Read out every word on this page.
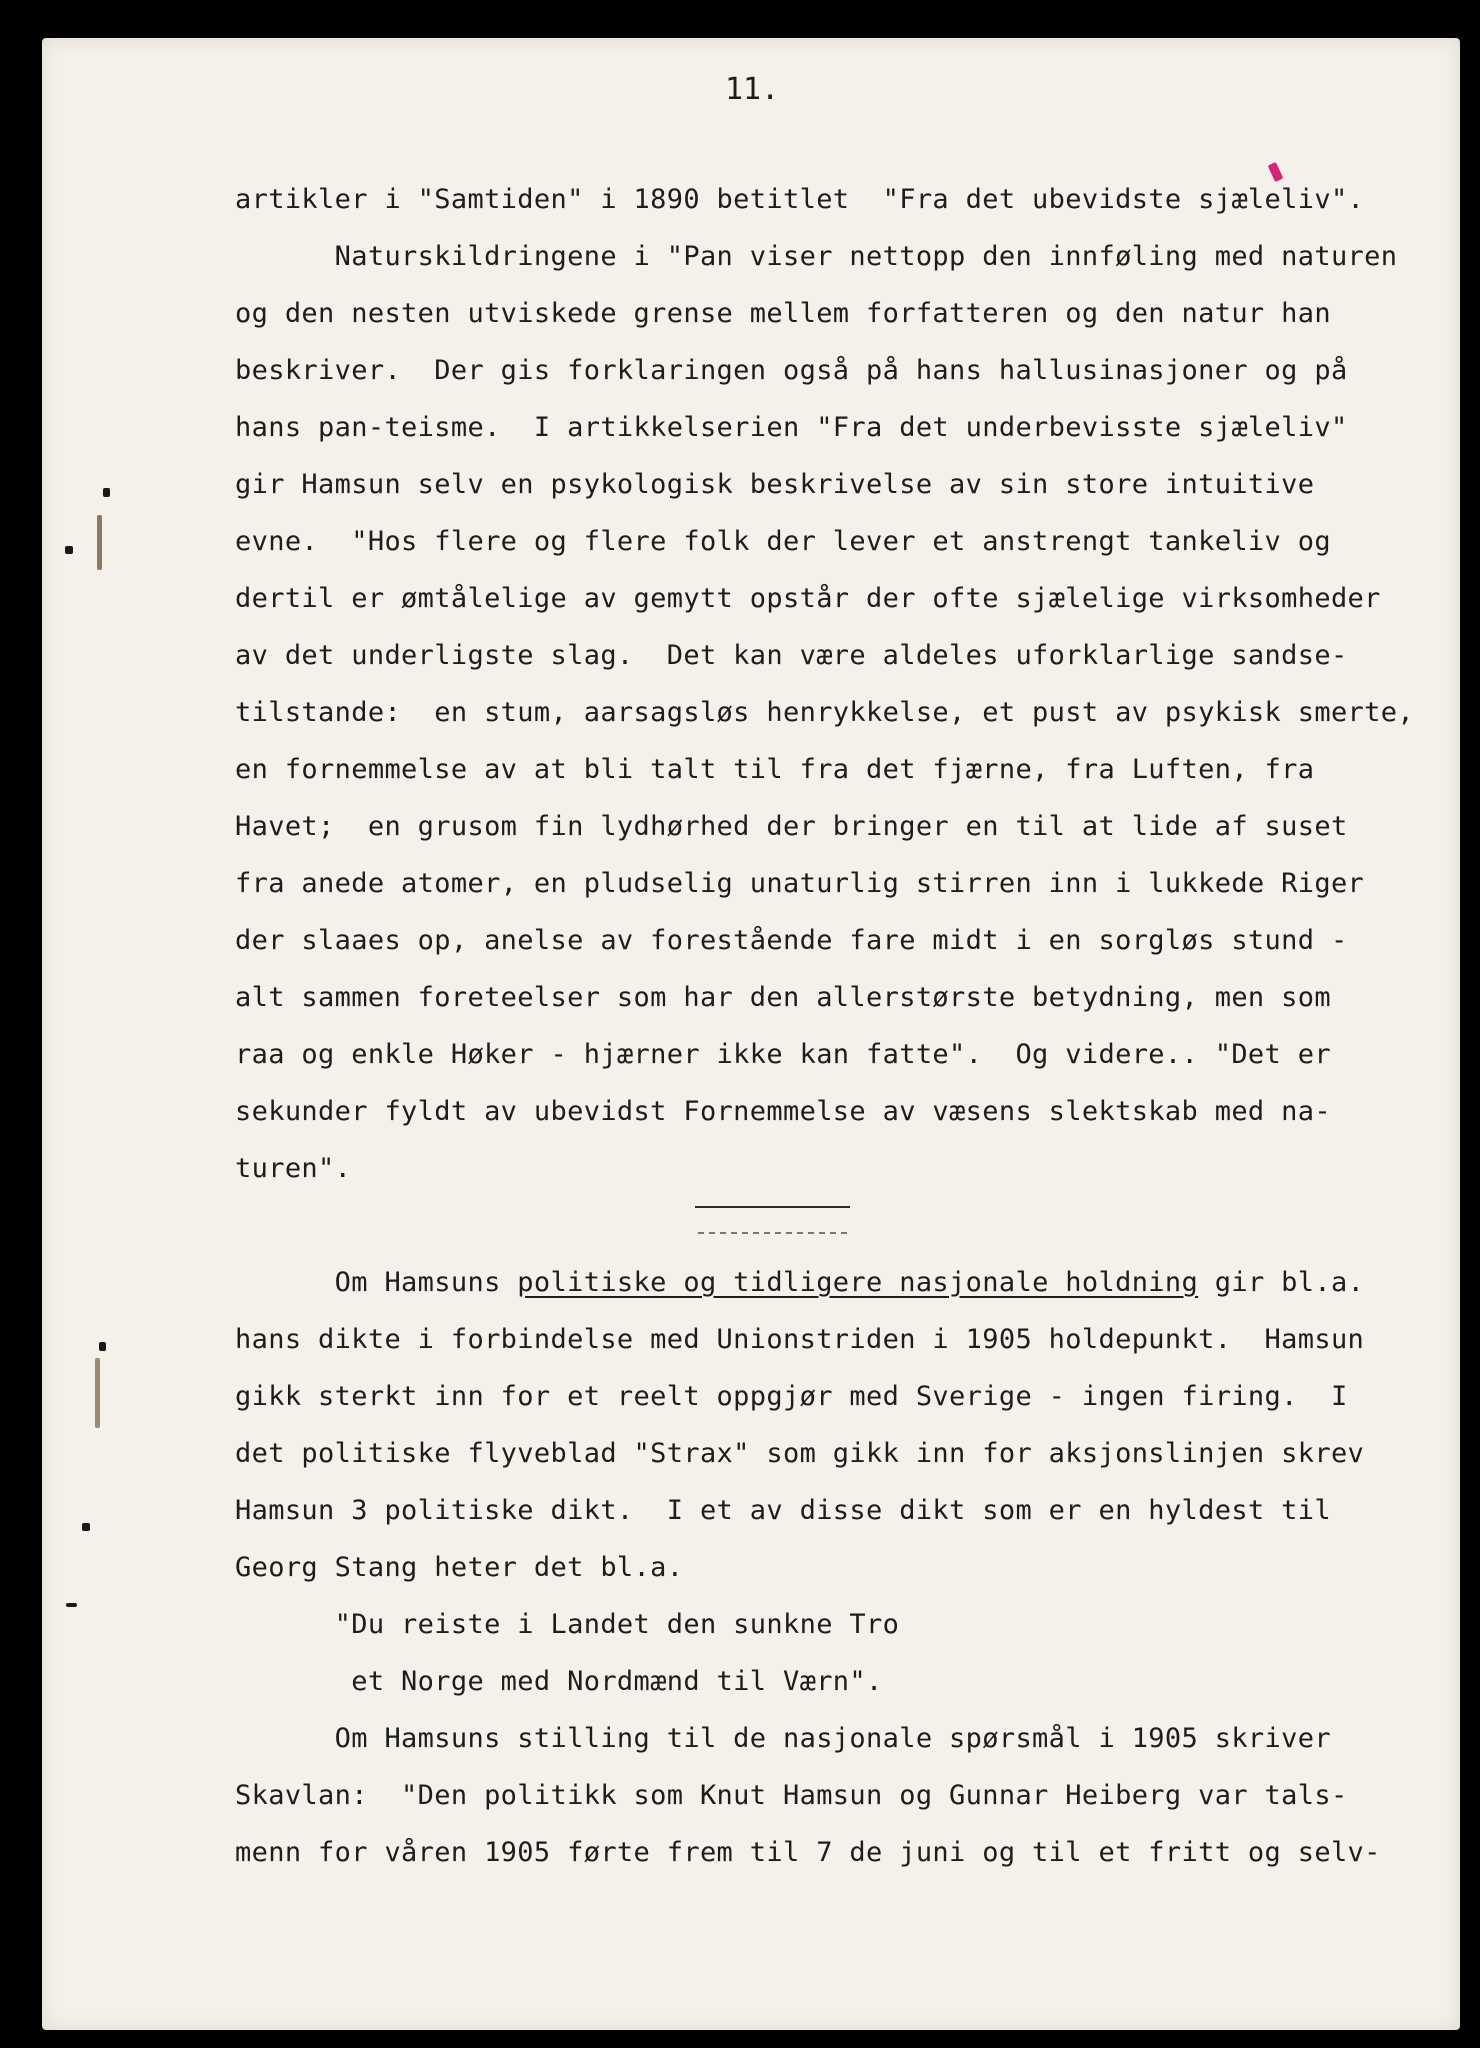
11.
artikler i "Samtiden" i 1890 betitlet  "Fra det ubevidste sjæleliv".
Naturskildringene i "Pan viser nettopp den innføling med naturen
og den nesten utviskede grense mellem forfatteren og den natur han
beskriver.  Der gis forklaringen også på hans hallusinasjoner og på
hans pan-teisme.  I artikkelserien "Fra det underbevisste sjæleliv"
gir Hamsun selv en psykologisk beskrivelse av sin store intuitive
evne.  "Hos flere og flere folk der lever et anstrengt tankeliv og
dertil er ømtålelige av gemytt opstår der ofte sjælelige virksomheder
av det underligste slag.  Det kan være aldeles uforklarlige sandse-
tilstande:  en stum, aarsagsløs henrykkelse, et pust av psykisk smerte,
en fornemmelse av at bli talt til fra det fjærne, fra Luften, fra
Havet;  en grusom fin lydhørhed der bringer en til at lide af suset
fra anede atomer, en pludselig unaturlig stirren inn i lukkede Riger
der slaaes op, anelse av forestående fare midt i en sorgløs stund -
alt sammen foreteelser som har den allerstørste betydning, men som
raa og enkle Høker - hjærner ikke kan fatte".  Og videre.. "Det er
sekunder fyldt av ubevidst Fornemmelse av væsens slektskab med na-
turen".
Om Hamsuns politiske og tidligere nasjonale holdning gir bl.a.
hans dikte i forbindelse med Unionstriden i 1905 holdepunkt.  Hamsun
gikk sterkt inn for et reelt oppgjør med Sverige - ingen firing.  I
det politiske flyveblad "Strax" som gikk inn for aksjonslinjen skrev
Hamsun 3 politiske dikt.  I et av disse dikt som er en hyldest til
Georg Stang heter det bl.a.
"Du reiste i Landet den sunkne Tro
et Norge med Nordmænd til Værn".
Om Hamsuns stilling til de nasjonale spørsmål i 1905 skriver
Skavlan:  "Den politikk som Knut Hamsun og Gunnar Heiberg var tals-
menn for våren 1905 førte frem til 7 de juni og til et fritt og selv-
